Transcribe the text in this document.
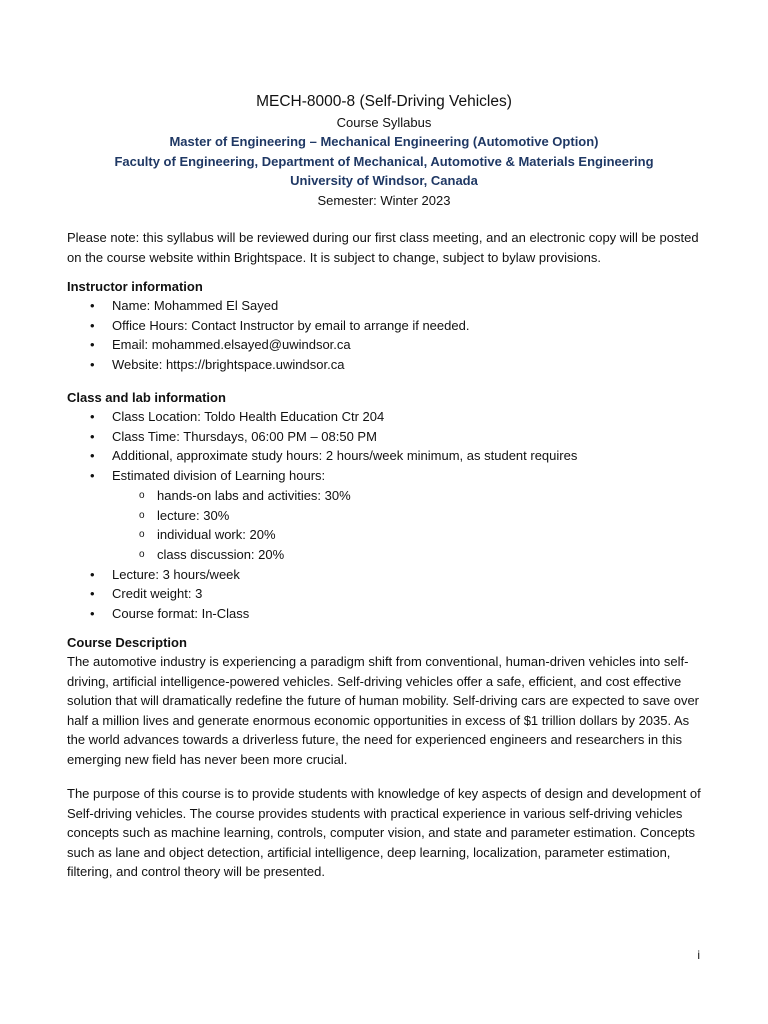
MECH-8000-8 (Self-Driving Vehicles)
Course Syllabus
Master of Engineering – Mechanical Engineering (Automotive Option)
Faculty of Engineering, Department of Mechanical, Automotive & Materials Engineering
University of Windsor, Canada
Semester: Winter 2023
Please note: this syllabus will be reviewed during our first class meeting, and an electronic copy will be posted on the course website within Brightspace. It is subject to change, subject to bylaw provisions.
Instructor information
• Name: Mohammed El Sayed
• Office Hours: Contact Instructor by email to arrange if needed.
• Email: mohammed.elsayed@uwindsor.ca
• Website: https://brightspace.uwindsor.ca
Class and lab information
• Class Location: Toldo Health Education Ctr 204
• Class Time: Thursdays, 06:00 PM – 08:50 PM
• Additional, approximate study hours: 2 hours/week minimum, as student requires
• Estimated division of Learning hours:
o hands-on labs and activities: 30%
o lecture: 30%
o individual work: 20%
o class discussion: 20%
• Lecture: 3 hours/week
• Credit weight: 3
• Course format: In-Class
Course Description
The automotive industry is experiencing a paradigm shift from conventional, human-driven vehicles into self-driving, artificial intelligence-powered vehicles. Self-driving vehicles offer a safe, efficient, and cost effective solution that will dramatically redefine the future of human mobility. Self-driving cars are expected to save over half a million lives and generate enormous economic opportunities in excess of $1 trillion dollars by 2035. As the world advances towards a driverless future, the need for experienced engineers and researchers in this emerging new field has never been more crucial.
The purpose of this course is to provide students with knowledge of key aspects of design and development of Self-driving vehicles. The course provides students with practical experience in various self-driving vehicles concepts such as machine learning, controls, computer vision, and state and parameter estimation. Concepts such as lane and object detection, artificial intelligence, deep learning, localization, parameter estimation, filtering, and control theory will be presented.
i
